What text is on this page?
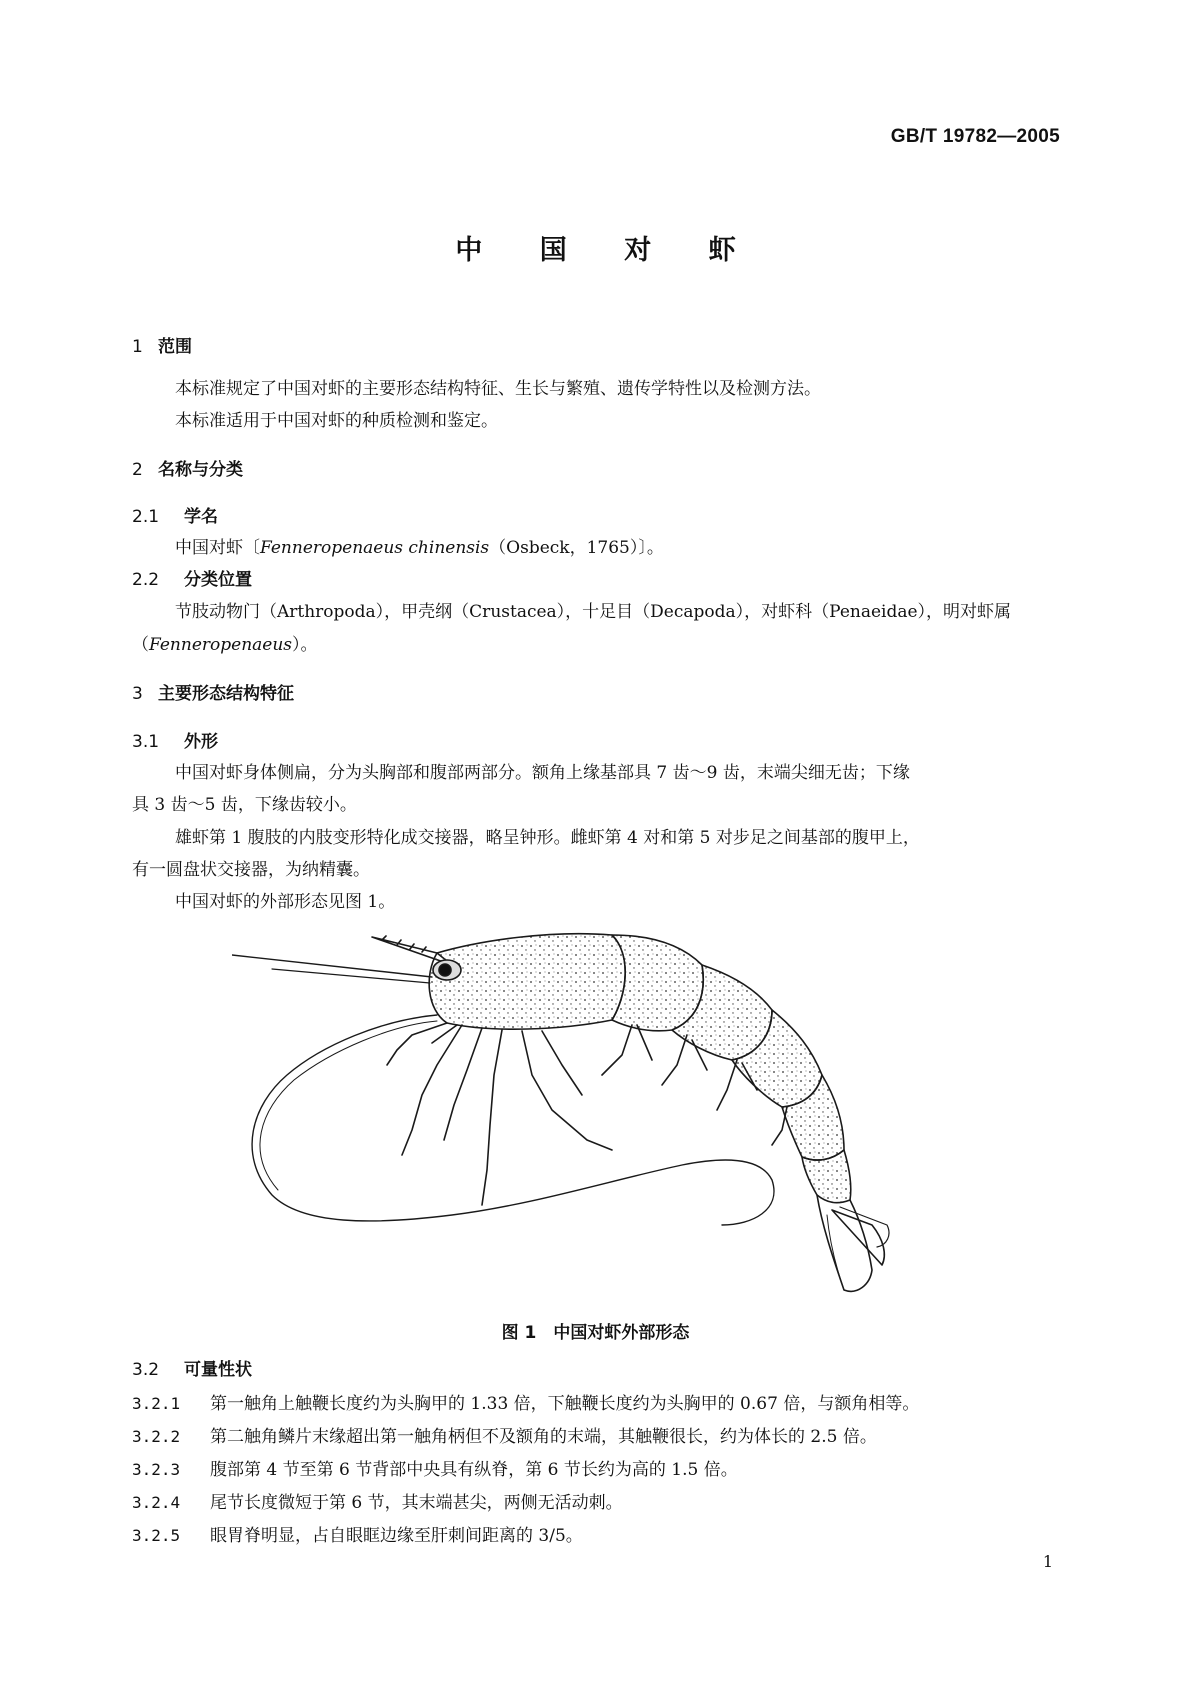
GB/T 19782—2005
中 国 对 虾
1 范围

本标准规定了中国对虾的主要形态结构特征、生长与繁殖、遗传学特性以及检测方法。

本标准适用于中国对虾的种质检测和鉴定。

2 名称与分类
2.1 学名

中国对虾〔Fenneropenaeus chinensis（Osbeck，1765）〕。

2.2 分类位置

节肢动物门（Arthropoda），甲壳纲（Crustacea），十足目（Decapoda），对虾科（Penaeidae），明对虾属

（Fenneropenaeus）。

3 主要形态结构特征
3.1 外形

中国对虾身体侧扁，分为头胸部和腹部两部分。额角上缘基部具 7 齿～9 齿，末端尖细无齿；下缘

具 3 齿～5 齿，下缘齿较小。

雄虾第 1 腹肢的内肢变形特化成交接器，略呈钟形。雌虾第 4 对和第 5 对步足之间基部的腹甲上，

有一圆盘状交接器，为纳精囊。

中国对虾的外部形态见图 1。

图 1　中国对虾外部形态
3.2 可量性状

3.2.1 第一触角上触鞭长度约为头胸甲的 1.33 倍，下触鞭长度约为头胸甲的 0.67 倍，与额角相等。

3.2.2 第二触角鳞片末缘超出第一触角柄但不及额角的末端，其触鞭很长，约为体长的 2.5 倍。

3.2.3 腹部第 4 节至第 6 节背部中央具有纵脊，第 6 节长约为高的 1.5 倍。

3.2.4 尾节长度微短于第 6 节，其末端甚尖，两侧无活动刺。

3.2.5 眼胃脊明显，占自眼眶边缘至肝刺间距离的 3/5。

1
